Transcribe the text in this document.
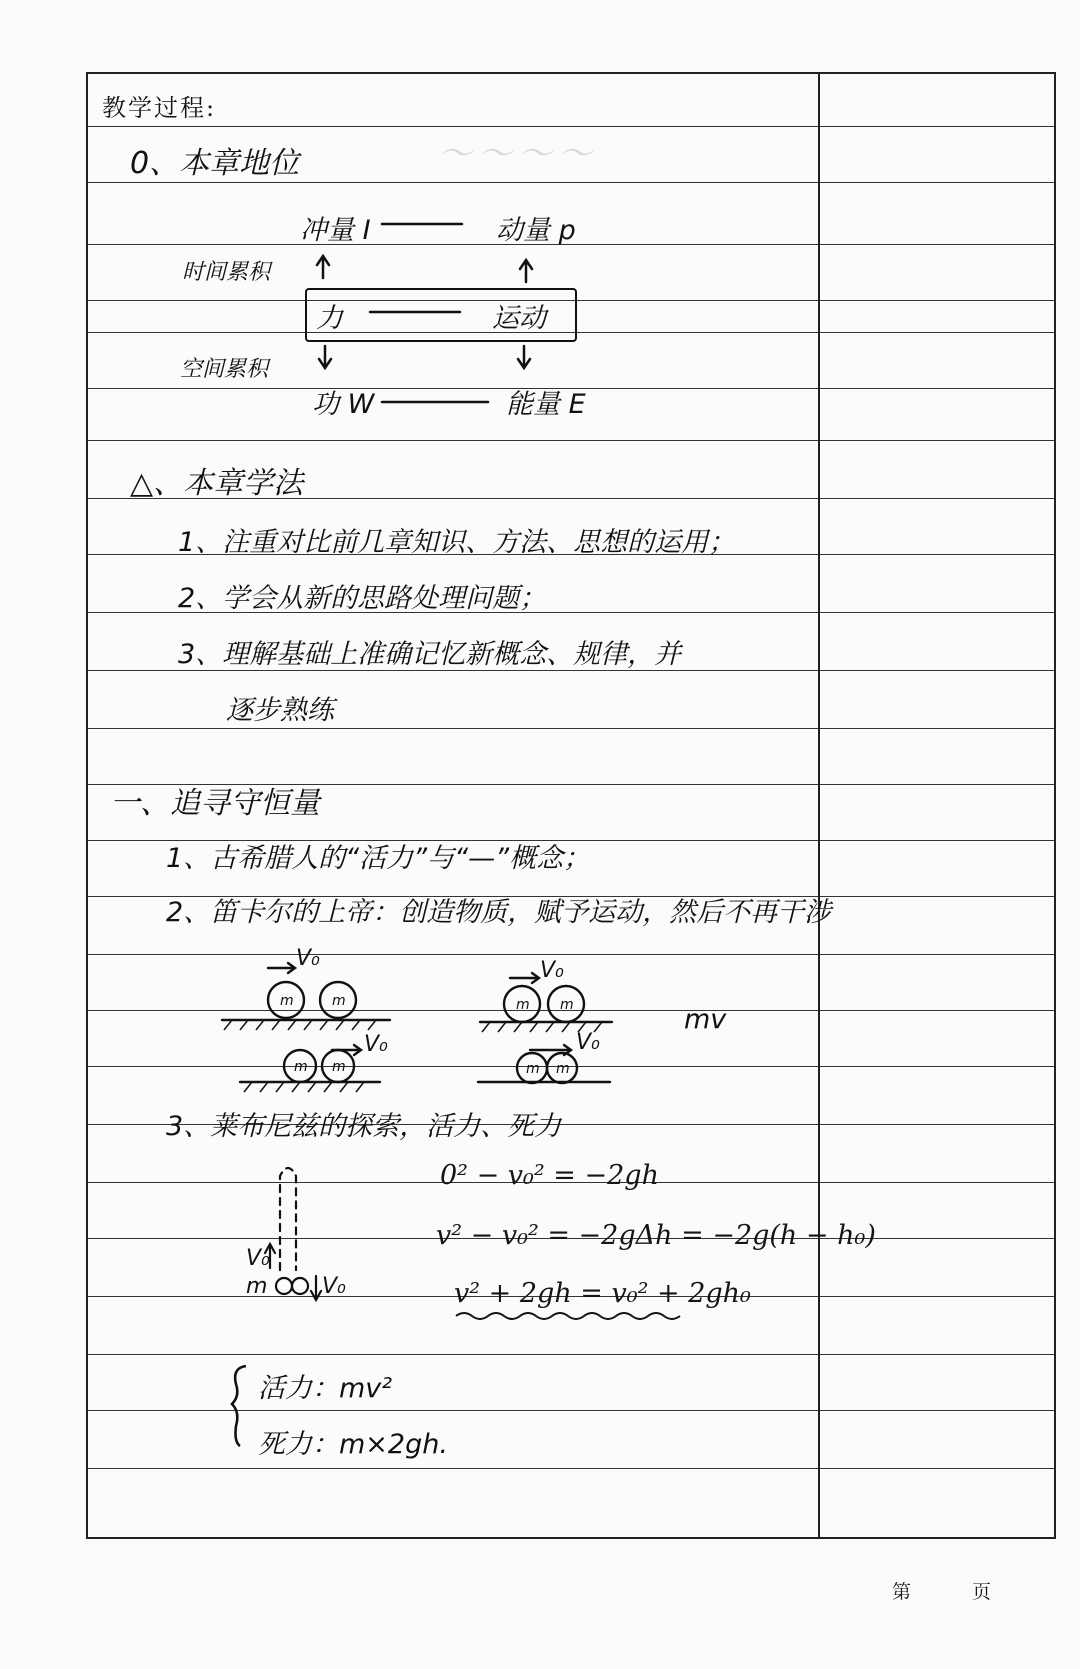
教学过程:
～～～～
0、本章地位
冲量 I	动量 p
时间累积
力	运动
空间累积
功 W	能量 E
△、本章学法
1、注重对比前几章知识、方法、思想的运用；
2、学会从新的思路处理问题；
3、理解基础上准确记忆新概念、规律，并
逐步熟练
一、追寻守恒量
1、古希腊人的“活力”与“—”概念；
2、笛卡尔的上帝：创造物质，赋予运动，然后不再干涉
V₀	V₀
V₀	V₀
mv
m	m	m m
m m	m m
3、莱布尼兹的探索，活力、死力
V₀
m V₀
0² − v₀² = −2gh
v² − v₀² = −2gΔh = −2g(h − h₀)
v² + 2gh = v₀² + 2gh₀
活力：mv²
死力：m×2gh.
第	页
